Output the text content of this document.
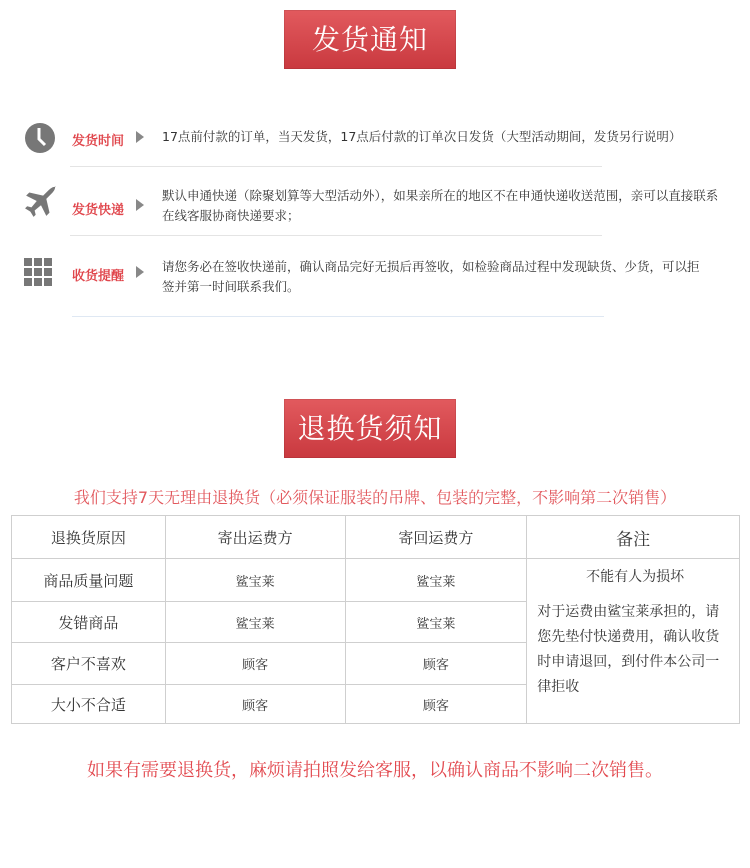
发货通知
发货时间	17点前付款的订单，当天发货，17点后付款的订单次日发货（大型活动期间，发货另行说明）
发货快递
默认申通快递（除聚划算等大型活动外），如果亲所在的地区不在申通快递收送范围，亲可以直接联系在线客服协商快递要求；
收货提醒
请您务必在签收快递前，确认商品完好无损后再签收，如检验商品过程中发现缺货、少货，可以拒签并第一时间联系我们。
退换货须知
我们支持7天无理由退换货（必须保证服装的吊牌、包装的完整，不影响第二次销售）
退换货原因	寄出运费方	寄回运费方	备注
商品质量问题	鲨宝莱	鲨宝莱	不能有人为损坏
对于运费由鲨宝莱承担的，请您先垫付快递费用，确认收货时申请退回，到付件本公司一律拒收

发错商品	鲨宝莱	鲨宝莱	
客户不喜欢	顾客	顾客	
大小不合适	顾客	顾客	
如果有需要退换货，麻烦请拍照发给客服，以确认商品不影响二次销售。
